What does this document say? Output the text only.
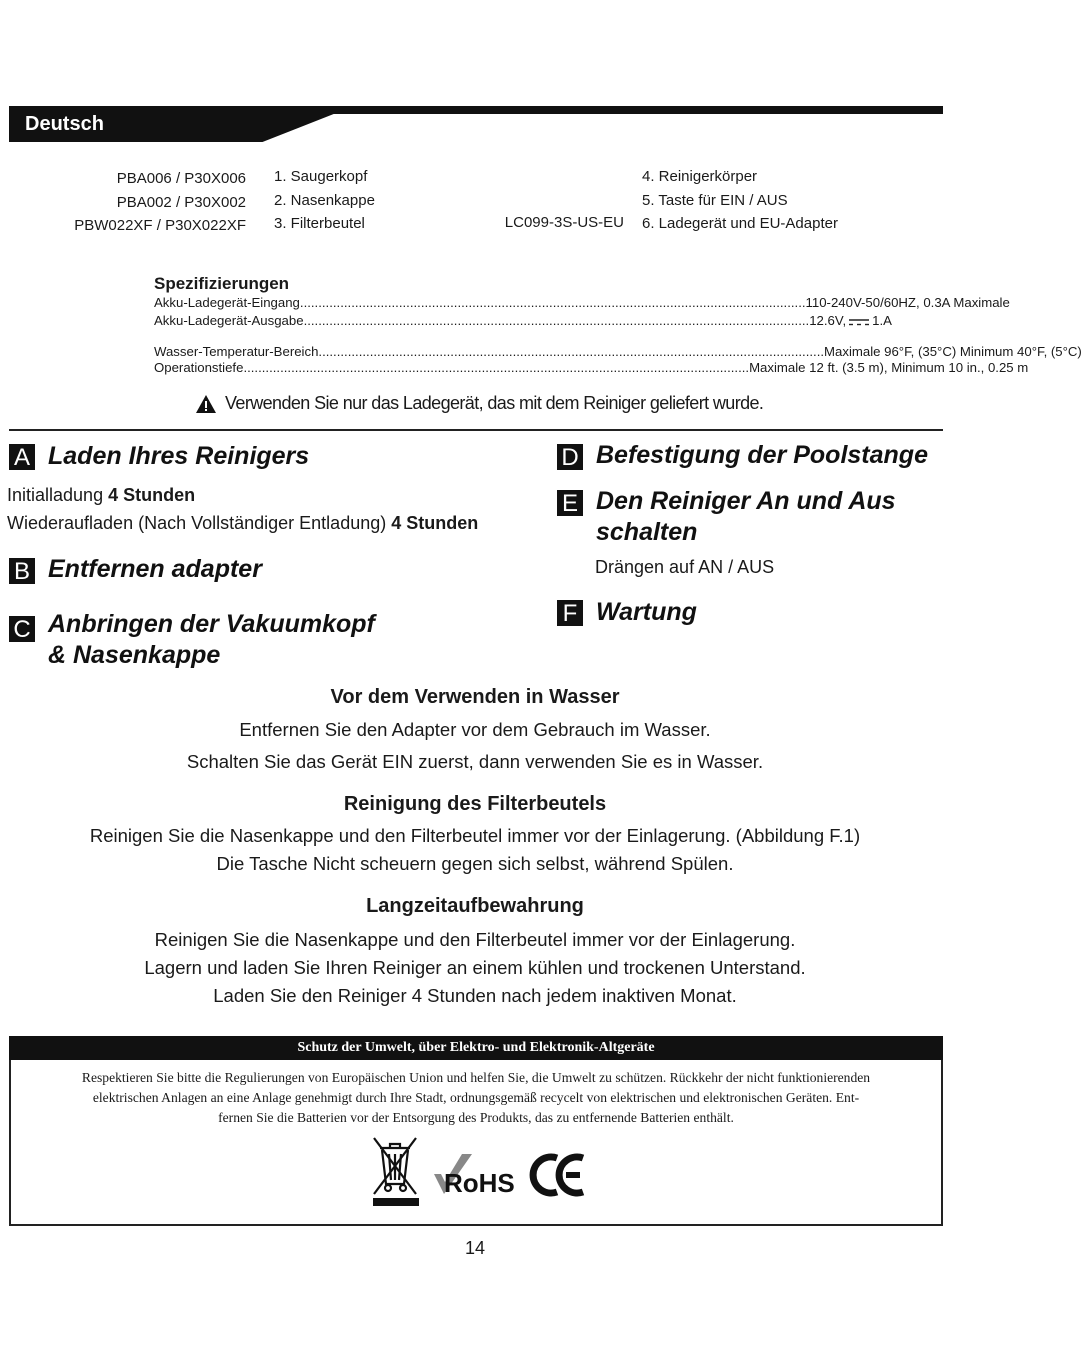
Deutsch
PBA006 / P30X006
PBA002 / P30X002
PBW022XF / P30X022XF
1. Saugerkopf
2. Nasenkappe
3. Filterbeutel	LC099-3S-US-EU
4. Reinigerkörper
5. Taste für EIN / AUS
6. Ladegerät und EU-Adapter
Spezifizierungen
Akku-Ladegerät-Eingang .......................................................................................................................................... 110-240V-50/60HZ, 0.3A Maximale
Akku-Ladegerät-Ausgabe .......................................................................................................................................... 12.6V, 1.A
Wasser-Temperatur-Bereich .......................................................................................................................................... Maximale 96°F, (35°C) Minimum 40°F, (5°C)
Operationstiefe .......................................................................................................................................... Maximale 12 ft. (3.5 m), Minimum 10 in., 0.25 m
Verwenden Sie nur das Ladegerät, das mit dem Reiniger geliefert wurde.
A Laden Ihres Reinigers
Initialladung 4 Stunden
Wiederaufladen (Nach Vollständiger Entladung) 4 Stunden
B Entfernen adapter
C Anbringen der Vakuumkopf
& Nasenkappe
D Befestigung der Poolstange
E Den Reiniger An und Aus
schalten
Drängen auf AN / AUS
F Wartung
Vor dem Verwenden in Wasser
Entfernen Sie den Adapter vor dem Gebrauch im Wasser.
Schalten Sie das Gerät EIN zuerst, dann verwenden Sie es in Wasser.
Reinigung des Filterbeutels
Reinigen Sie die Nasenkappe und den Filterbeutel immer vor der Einlagerung. (Abbildung F.1)
Die Tasche Nicht scheuern gegen sich selbst, während Spülen.
Langzeitaufbewahrung
Reinigen Sie die Nasenkappe und den Filterbeutel immer vor der Einlagerung.
Lagern und laden Sie Ihren Reiniger an einem kühlen und trockenen Unterstand.
Laden Sie den Reiniger 4 Stunden nach jedem inaktiven Monat.
Schutz der Umwelt, über Elektro- und Elektronik-Altgeräte
Respektieren Sie bitte die Regulierungen von Europäischen Union und helfen Sie, die Umwelt zu schützen. Rückkehr der nicht funktionierenden
elektrischen Anlagen an eine Anlage genehmigt durch Ihre Stadt, ordnungsgemäß recycelt von elektrischen und elektronischen Geräten. Ent-
fernen Sie die Batterien vor der Entsorgung des Produkts, das zu entfernende Batterien enthält.
RoHS
14
